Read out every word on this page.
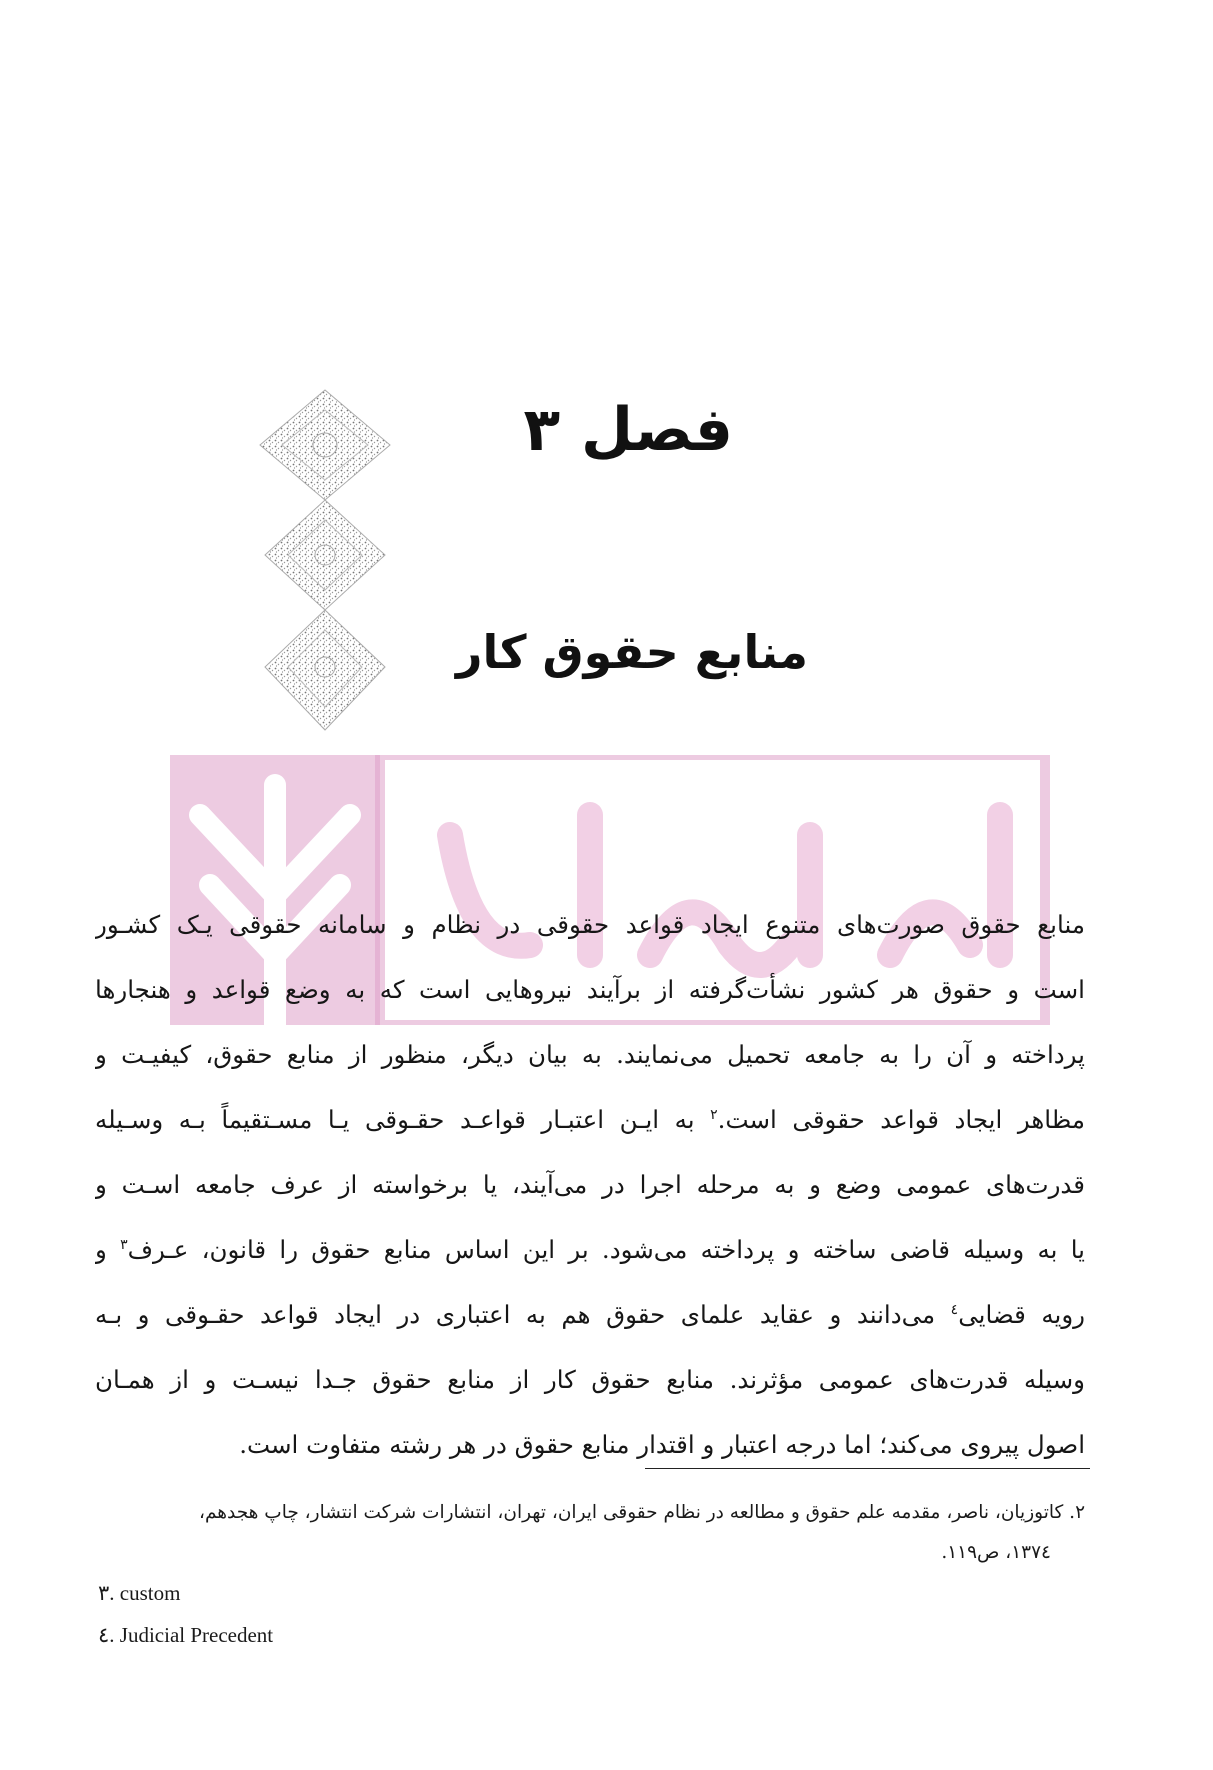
فصل ۳
منابع حقوق کار
منابع حقوق صورت‌های متنوع ایجاد قواعد حقوقی در نظام و سامانه حقوقی یـک کشـور
است و حقوق هر کشور نشأت‌گرفته از برآیند نیروهایی است که به وضع قواعد و هنجارها
پرداخته و آن را به جامعه تحمیل می‌نمایند. به بیان دیگر، منظور از منابع حقوق، کیفیـت و
مظاهر ایجاد قواعد حقوقی است.$^۲$ به ایـن اعتبـار قواعـد حقـوقی یـا مسـتقیماً بـه وسـیله
قدرت‌های عمومی وضع و به مرحله اجرا در می‌آیند، یا برخواسته از عرف جامعه اسـت و
یا به وسیله قاضی ساخته و پرداخته می‌شود. بر این اساس منابع حقوق را قانون، عـرف$^۳$ و
رویه قضایی$^٤$ می‌دانند و عقاید علمای حقوق هم به اعتباری در ایجاد قواعد حقـوقی و بـه
وسیله قدرت‌های عمومی مؤثرند. منابع حقوق کار از منابع حقوق جـدا نیسـت و از همـان
اصول پیروی می‌کند؛ اما درجه اعتبار و اقتدار منابع حقوق در هر رشته متفاوت است.
۲. کاتوزیان، ناصر، مقدمه علم حقوق و مطالعه در نظام حقوقی ایران، تهران، انتشارات شرکت انتشار، چاپ هجدهم،
۱۳۷٤، ص۱۱۹.
۳. custom
٤. Judicial Precedent
